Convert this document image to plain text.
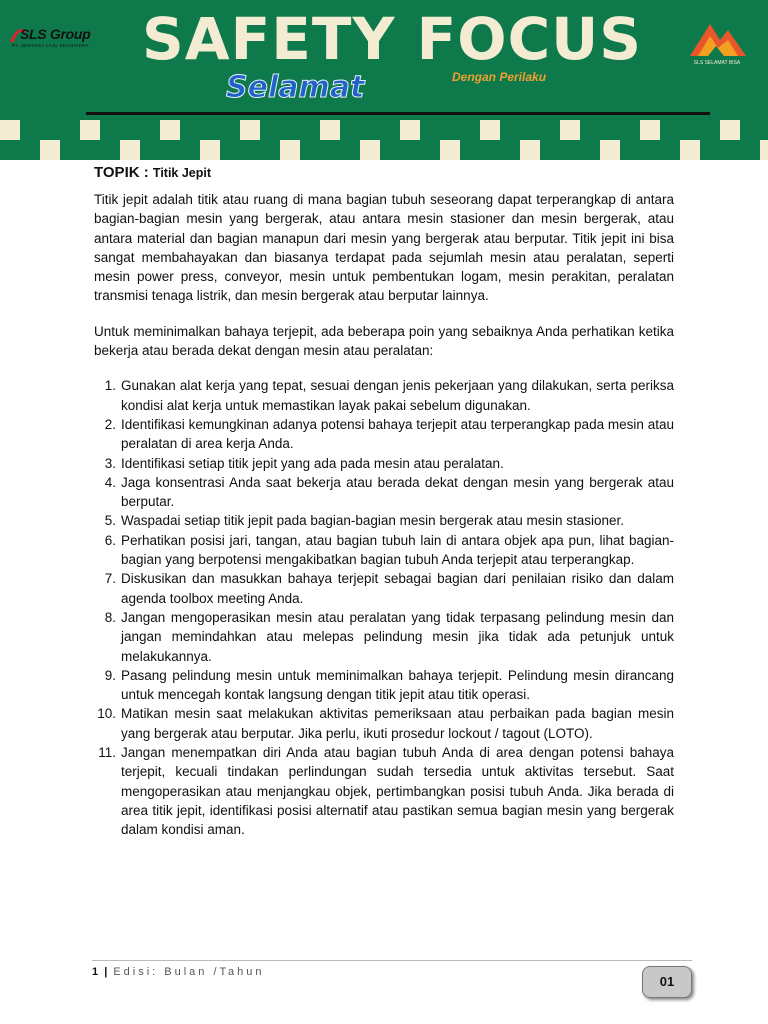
SLS Group
PT. SENTOSA LAJU SEJAHTERA SAFETY FOCUS
Selamat	Dengan Perilaku
SLS SELAMAT BISA
TOPIK : Titik Jepit

Titik jepit adalah titik atau ruang di mana bagian tubuh seseorang dapat terperangkap di antara bagian-bagian mesin yang bergerak, atau antara mesin stasioner dan mesin bergerak, atau antara material dan bagian manapun dari mesin yang bergerak atau berputar. Titik jepit ini bisa sangat membahayakan dan biasanya terdapat pada sejumlah mesin atau peralatan, seperti mesin power press, conveyor, mesin untuk pembentukan logam, mesin perakitan, peralatan transmisi tenaga listrik, dan mesin bergerak atau berputar lainnya.

Untuk meminimalkan bahaya terjepit, ada beberapa poin yang sebaiknya Anda perhatikan ketika bekerja atau berada dekat dengan mesin atau peralatan:

1. Gunakan alat kerja yang tepat, sesuai dengan jenis pekerjaan yang dilakukan, serta periksa kondisi alat kerja untuk memastikan layak pakai sebelum digunakan.
2. Identifikasi kemungkinan adanya potensi bahaya terjepit atau terperangkap pada mesin atau peralatan di area kerja Anda.
3. Identifikasi setiap titik jepit yang ada pada mesin atau peralatan.
4. Jaga konsentrasi Anda saat bekerja atau berada dekat dengan mesin yang bergerak atau berputar.
5. Waspadai setiap titik jepit pada bagian-bagian mesin bergerak atau mesin stasioner.
6. Perhatikan posisi jari, tangan, atau bagian tubuh lain di antara objek apa pun, lihat bagian-bagian yang berpotensi mengakibatkan bagian tubuh Anda terjepit atau terperangkap.
7. Diskusikan dan masukkan bahaya terjepit sebagai bagian dari penilaian risiko dan dalam agenda toolbox meeting Anda.
8. Jangan mengoperasikan mesin atau peralatan yang tidak terpasang pelindung mesin dan jangan memindahkan atau melepas pelindung mesin jika tidak ada petunjuk untuk melakukannya.
9. Pasang pelindung mesin untuk meminimalkan bahaya terjepit. Pelindung mesin dirancang untuk mencegah kontak langsung dengan titik jepit atau titik operasi.
10. Matikan mesin saat melakukan aktivitas pemeriksaan atau perbaikan pada bagian mesin yang bergerak atau berputar. Jika perlu, ikuti prosedur lockout / tagout (LOTO).
11. Jangan menempatkan diri Anda atau bagian tubuh Anda di area dengan potensi bahaya terjepit, kecuali tindakan perlindungan sudah tersedia untuk aktivitas tersebut. Saat mengoperasikan atau menjangkau objek, pertimbangkan posisi tubuh Anda. Jika berada di area titik jepit, identifikasi posisi alternatif atau pastikan semua bagian mesin yang bergerak dalam kondisi aman.
1 | Edisi: Bulan /Tahun
01
